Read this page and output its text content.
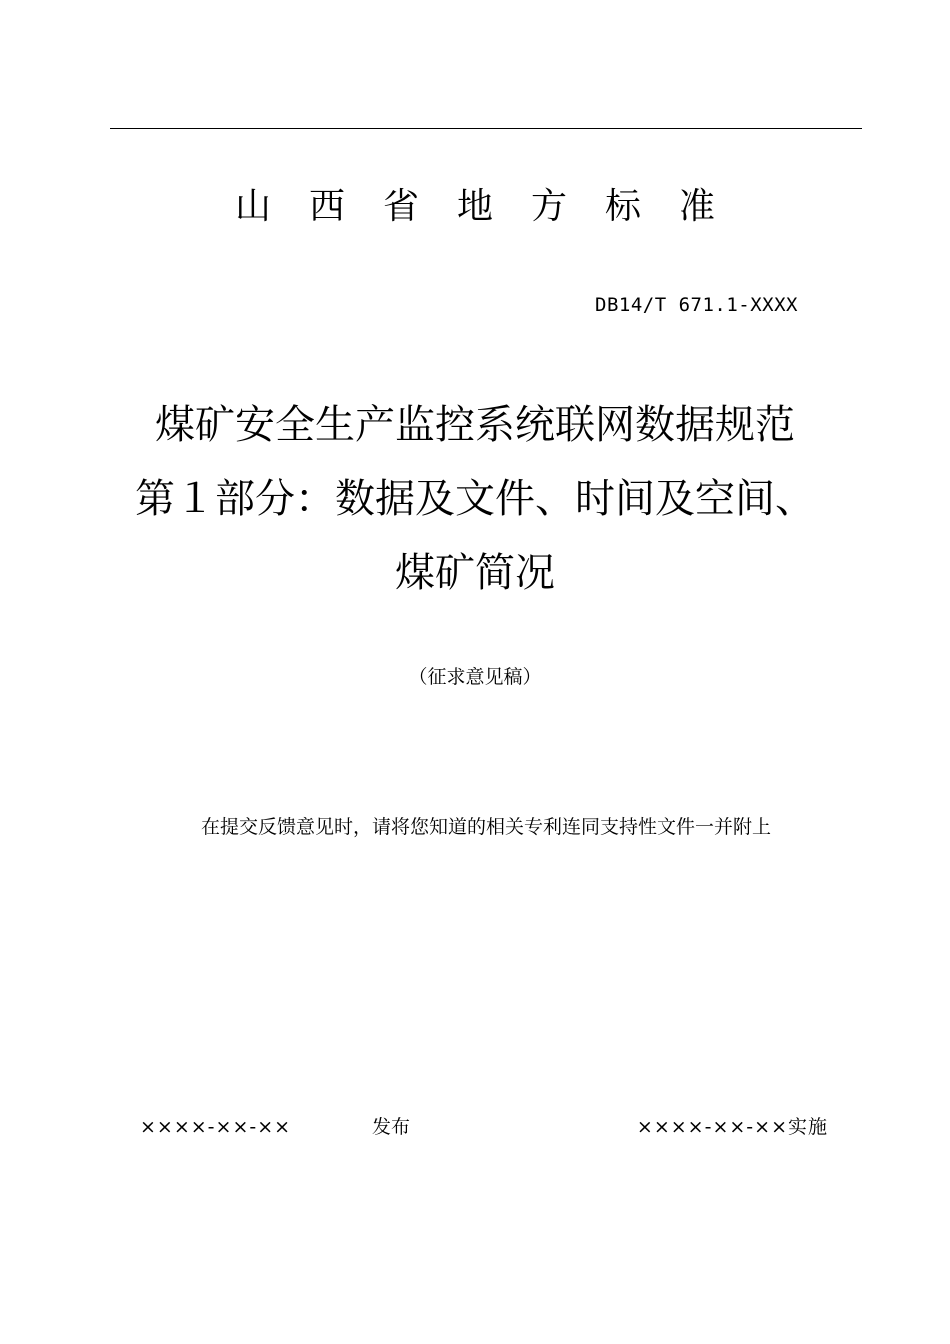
山西省地方标准
DB14/T 671.1-XXXX
煤矿安全生产监控系统联网数据规范
第１部分：数据及文件、时间及空间、
煤矿简况
（征求意见稿）
在提交反馈意见时，请将您知道的相关专利连同支持性文件一并附上
××××-××-××	发布	××××-××-××实施
